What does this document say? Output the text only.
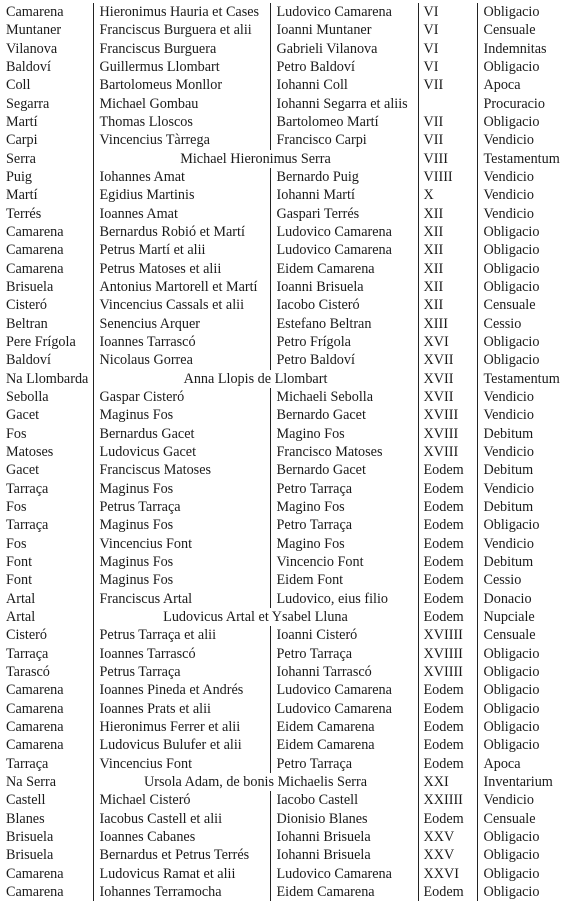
Camarena	Hieronimus Hauria et Cases	Ludovico Camarena	VI	Obligacio
Muntaner	Franciscus Burguera et alii	Ioanni Muntaner	VI	Censuale
Vilanova	Franciscus Burguera	Gabrieli Vilanova	VI	Indemnitas
Baldoví	Guillermus Llombart	Petro Baldoví	VI	Obligacio
Coll	Bartolomeus Monllor	Iohanni Coll	VII	Apoca
Segarra	Michael Gombau	Iohanni Segarra et aliis		Procuracio
Martí	Thomas Lloscos	Bartolomeo Martí	VII	Obligacio
Carpi	Vincencius Tàrrega	Francisco Carpi	VII	Vendicio
Serra	Michael Hieronimus Serra		VIII	Testamentum
Puig	Iohannes Amat	Bernardo Puig	VIIII	Vendicio
Martí	Egidius Martinis	Iohanni Martí	X	Vendicio
Terrés	Ioannes Amat	Gaspari Terrés	XII	Vendicio
Camarena	Bernardus Robió et Martí	Ludovico Camarena	XII	Obligacio
Camarena	Petrus Martí et alii	Ludovico Camarena	XII	Obligacio
Camarena	Petrus Matoses et alii	Eidem Camarena	XII	Obligacio
Brisuela	Antonius Martorell et Martí	Ioanni Brisuela	XII	Obligacio
Cisteró	Vincencius Cassals et alii	Iacobo Cisteró	XII	Censuale
Beltran	Senencius Arquer	Estefano Beltran	XIII	Cessio
Pere Frígola	Ioannes Tarrascó	Petro Frígola	XVI	Obligacio
Baldoví	Nicolaus Gorrea	Petro Baldoví	XVII	Obligacio
Na Llombarda	Anna Llopis de Llombart		XVII	Testamentum
Sebolla	Gaspar Cisteró	Michaeli Sebolla	XVII	Vendicio
Gacet	Maginus Fos	Bernardo Gacet	XVIII	Vendicio
Fos	Bernardus Gacet	Magino Fos	XVIII	Debitum
Matoses	Ludovicus Gacet	Francisco Matoses	XVIII	Vendicio
Gacet	Franciscus Matoses	Bernardo Gacet	Eodem	Debitum
Tarraça	Maginus Fos	Petro Tarraça	Eodem	Vendicio
Fos	Petrus Tarraça	Magino Fos	Eodem	Debitum
Tarraça	Maginus Fos	Petro Tarraça	Eodem	Obligacio
Fos	Vincencius Font	Magino Fos	Eodem	Vendicio
Font	Maginus Fos	Vincencio Font	Eodem	Debitum
Font	Maginus Fos	Eidem Font	Eodem	Cessio
Artal	Franciscus Artal	Ludovico, eius filio	Eodem	Donacio
Artal	Ludovicus Artal et Ysabel Lluna		Eodem	Nupciale
Cisteró	Petrus Tarraça et alii	Ioanni Cisteró	XVIIII	Censuale
Tarraça	Ioannes Tarrascó	Petro Tarraça	XVIIII	Obligacio
Tarascó	Petrus Tarraça	Iohanni Tarrascó	XVIIII	Obligacio
Camarena	Ioannes Pineda et Andrés	Ludovico Camarena	Eodem	Obligacio
Camarena	Ioannes Prats et alii	Ludovico Camarena	Eodem	Obligacio
Camarena	Hieronimus Ferrer et alii	Eidem Camarena	Eodem	Obligacio
Camarena	Ludovicus Bulufer et alii	Eidem Camarena	Eodem	Obligacio
Tarraça	Vincencius Font	Petro Tarraça	Eodem	Apoca
Na Serra	Ursola Adam, de bonis Michaelis Serra		XXI	Inventarium
Castell	Michael Cisteró	Iacobo Castell	XXIIII	Vendicio
Blanes	Iacobus Castell et alii	Dionisio Blanes	Eodem	Censuale
Brisuela	Ioannes Cabanes	Iohanni Brisuela	XXV	Obligacio
Brisuela	Bernardus et Petrus Terrés	Iohanni Brisuela	XXV	Obligacio
Camarena	Ludovicus Ramat et alii	Ludovico Camarena	XXVI	Obligacio
Camarena	Iohannes Terramocha	Eidem Camarena	Eodem	Obligacio
